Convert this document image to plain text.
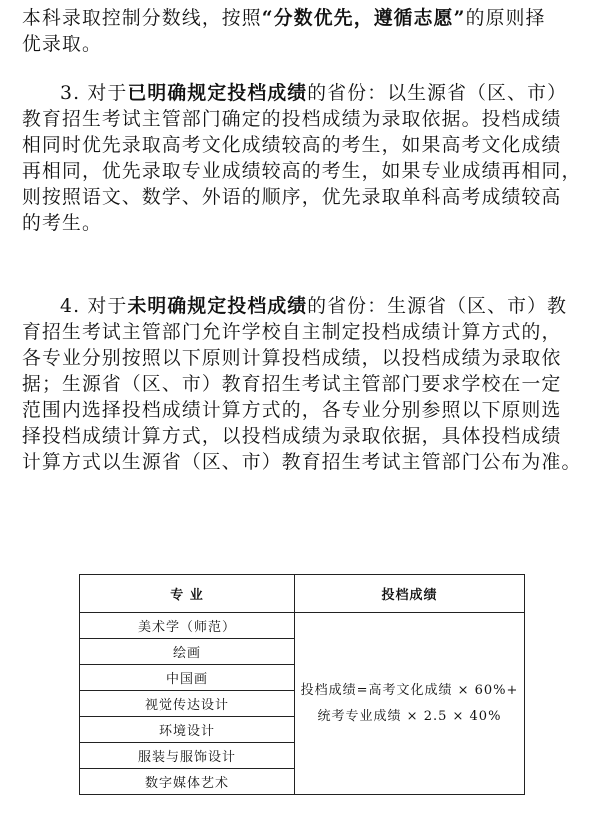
本科录取控制分数线，按照“分数优先，遵循志愿”的原则择

优录取。

3. 对于已明确规定投档成绩的省份：以生源省（区、市）

教育招生考试主管部门确定的投档成绩为录取依据。投档成绩

相同时优先录取高考文化成绩较高的考生，如果高考文化成绩

再相同，优先录取专业成绩较高的考生，如果专业成绩再相同，

则按照语文、数学、外语的顺序，优先录取单科高考成绩较高

的考生。

4. 对于未明确规定投档成绩的省份：生源省（区、市）教

育招生考试主管部门允许学校自主制定投档成绩计算方式的，

各专业分别按照以下原则计算投档成绩，以投档成绩为录取依

据；生源省（区、市）教育招生考试主管部门要求学校在一定

范围内选择投档成绩计算方式的，各专业分别参照以下原则选

择投档成绩计算方式，以投档成绩为录取依据，具体投档成绩

计算方式以生源省（区、市）教育招生考试主管部门公布为准。

专 业	投档成绩
美术学（师范）	投档成绩=高考文化成绩 × 60%+
统考专业成绩 × 2.5 × 40%

绘画	
中国画	
视觉传达设计	
环境设计	
服装与服饰设计	
数字媒体艺术	
